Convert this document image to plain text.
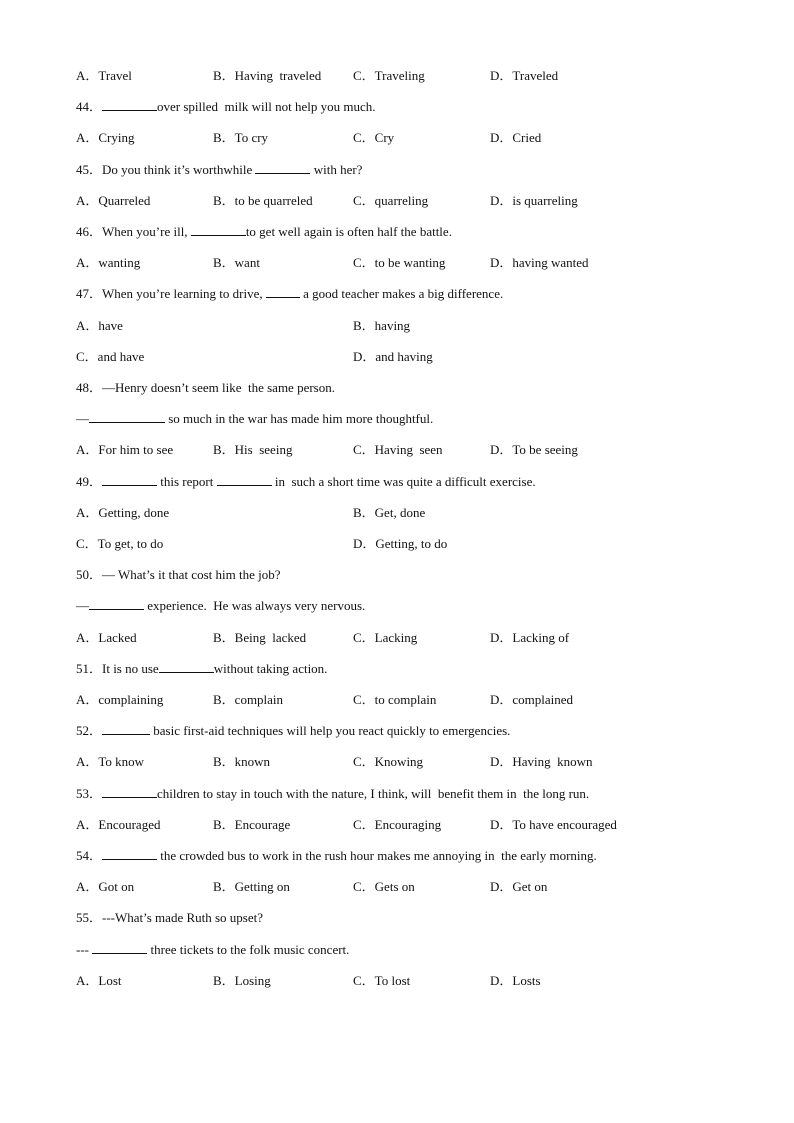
A．Travel	B．Having  traveled C．Traveling	D．Traveled
44．	over spilled  milk will not help you much.
A．Crying	B．To cry	C．Cry	D．Cried
45．Do you think it’s worthwhile	with her?
A．Quarreled	B．to be quarreled	C．quarreling	D．is quarreling
46．When you’re ill,	to get well again is often half the battle.
A．wanting	B．want	C．to be wanting	D．having wanted
47．When you’re learning to drive,	a good teacher makes a big difference.
A．have	B．having
C．and have	D．and having
48．—Henry doesn’t seem like  the same person.
—	so much in the war has made him more thoughtful.
A．For him to see	B．His  seeing	C．Having  seen	D．To be seeing
49．	this report	in  such a short time was quite a difficult exercise.
A．Getting, done	B．Get, done
C．To get, to do	D．Getting, to do
50．— What’s it that cost him the job?
—	experience.  He was always very nervous.
A．Lacked	B．Being  lacked	C．Lacking	D．Lacking of
51．It is no use	without taking action.
A．complaining	B．complain	C．to complain	D．complained
52．	basic first-aid techniques will help you react quickly to emergencies.
A．To know	B．known	C．Knowing	D．Having  known
53．	children to stay in touch with the nature, I think, will  benefit them in  the long run.
A．Encouraged	B．Encourage	C．Encouraging	D．To have encouraged
54．	the crowded bus to work in the rush hour makes me annoying in  the early morning.
A．Got on	B．Getting on	C．Gets on	D．Get on
55．---What’s made Ruth so upset?
---	three tickets to the folk music concert.
A．Lost	B．Losing	C．To lost	D．Losts
